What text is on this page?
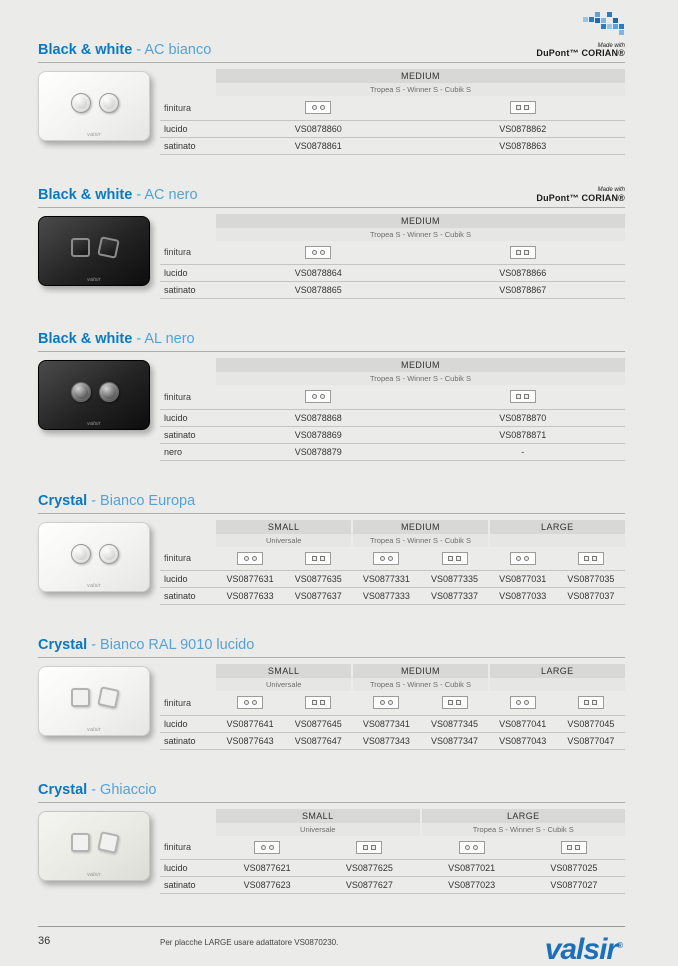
Black & white - AC bianco	Made with
DuPont™ CORIAN®
valsir
	MEDIUM	
	Tropea S - Winner S - Cubik S	
finitura	

lucido	VS0878860	VS0878862
satinato	VS0878861	VS0878863
Black & white - AC nero	Made with
DuPont™ CORIAN®
valsir
	MEDIUM	
	Tropea S - Winner S - Cubik S	
finitura	

lucido	VS0878864	VS0878866
satinato	VS0878865	VS0878867
Black & white - AL nero
valsir
	MEDIUM	
	Tropea S - Winner S - Cubik S	
finitura	

lucido	VS0878868	VS0878870
satinato	VS0878869	VS0878871
nero	VS0878879	-
Crystal - Bianco Europa
valsir
	SMALL		MEDIUM		LARGE	
	Universale		Tropea S - Winner S - Cubik S			
finitura	

lucido	VS0877631	VS0877635	VS0877331	VS0877335	VS0877031	VS0877035
satinato	VS0877633	VS0877637	VS0877333	VS0877337	VS0877033	VS0877037
Crystal - Bianco RAL 9010 lucido
valsir
	SMALL		MEDIUM		LARGE	
	Universale		Tropea S - Winner S - Cubik S			
finitura	

lucido	VS0877641	VS0877645	VS0877341	VS0877345	VS0877041	VS0877045
satinato	VS0877643	VS0877647	VS0877343	VS0877347	VS0877043	VS0877047
Crystal - Ghiaccio
valsir
	SMALL		LARGE	
	Universale		Tropea S - Winner S - Cubik S	
finitura	

lucido	VS0877621	VS0877625	VS0877021	VS0877025
satinato	VS0877623	VS0877627	VS0877023	VS0877027
36	Per placche LARGE usare adattatore VS0870230.	valsir®
